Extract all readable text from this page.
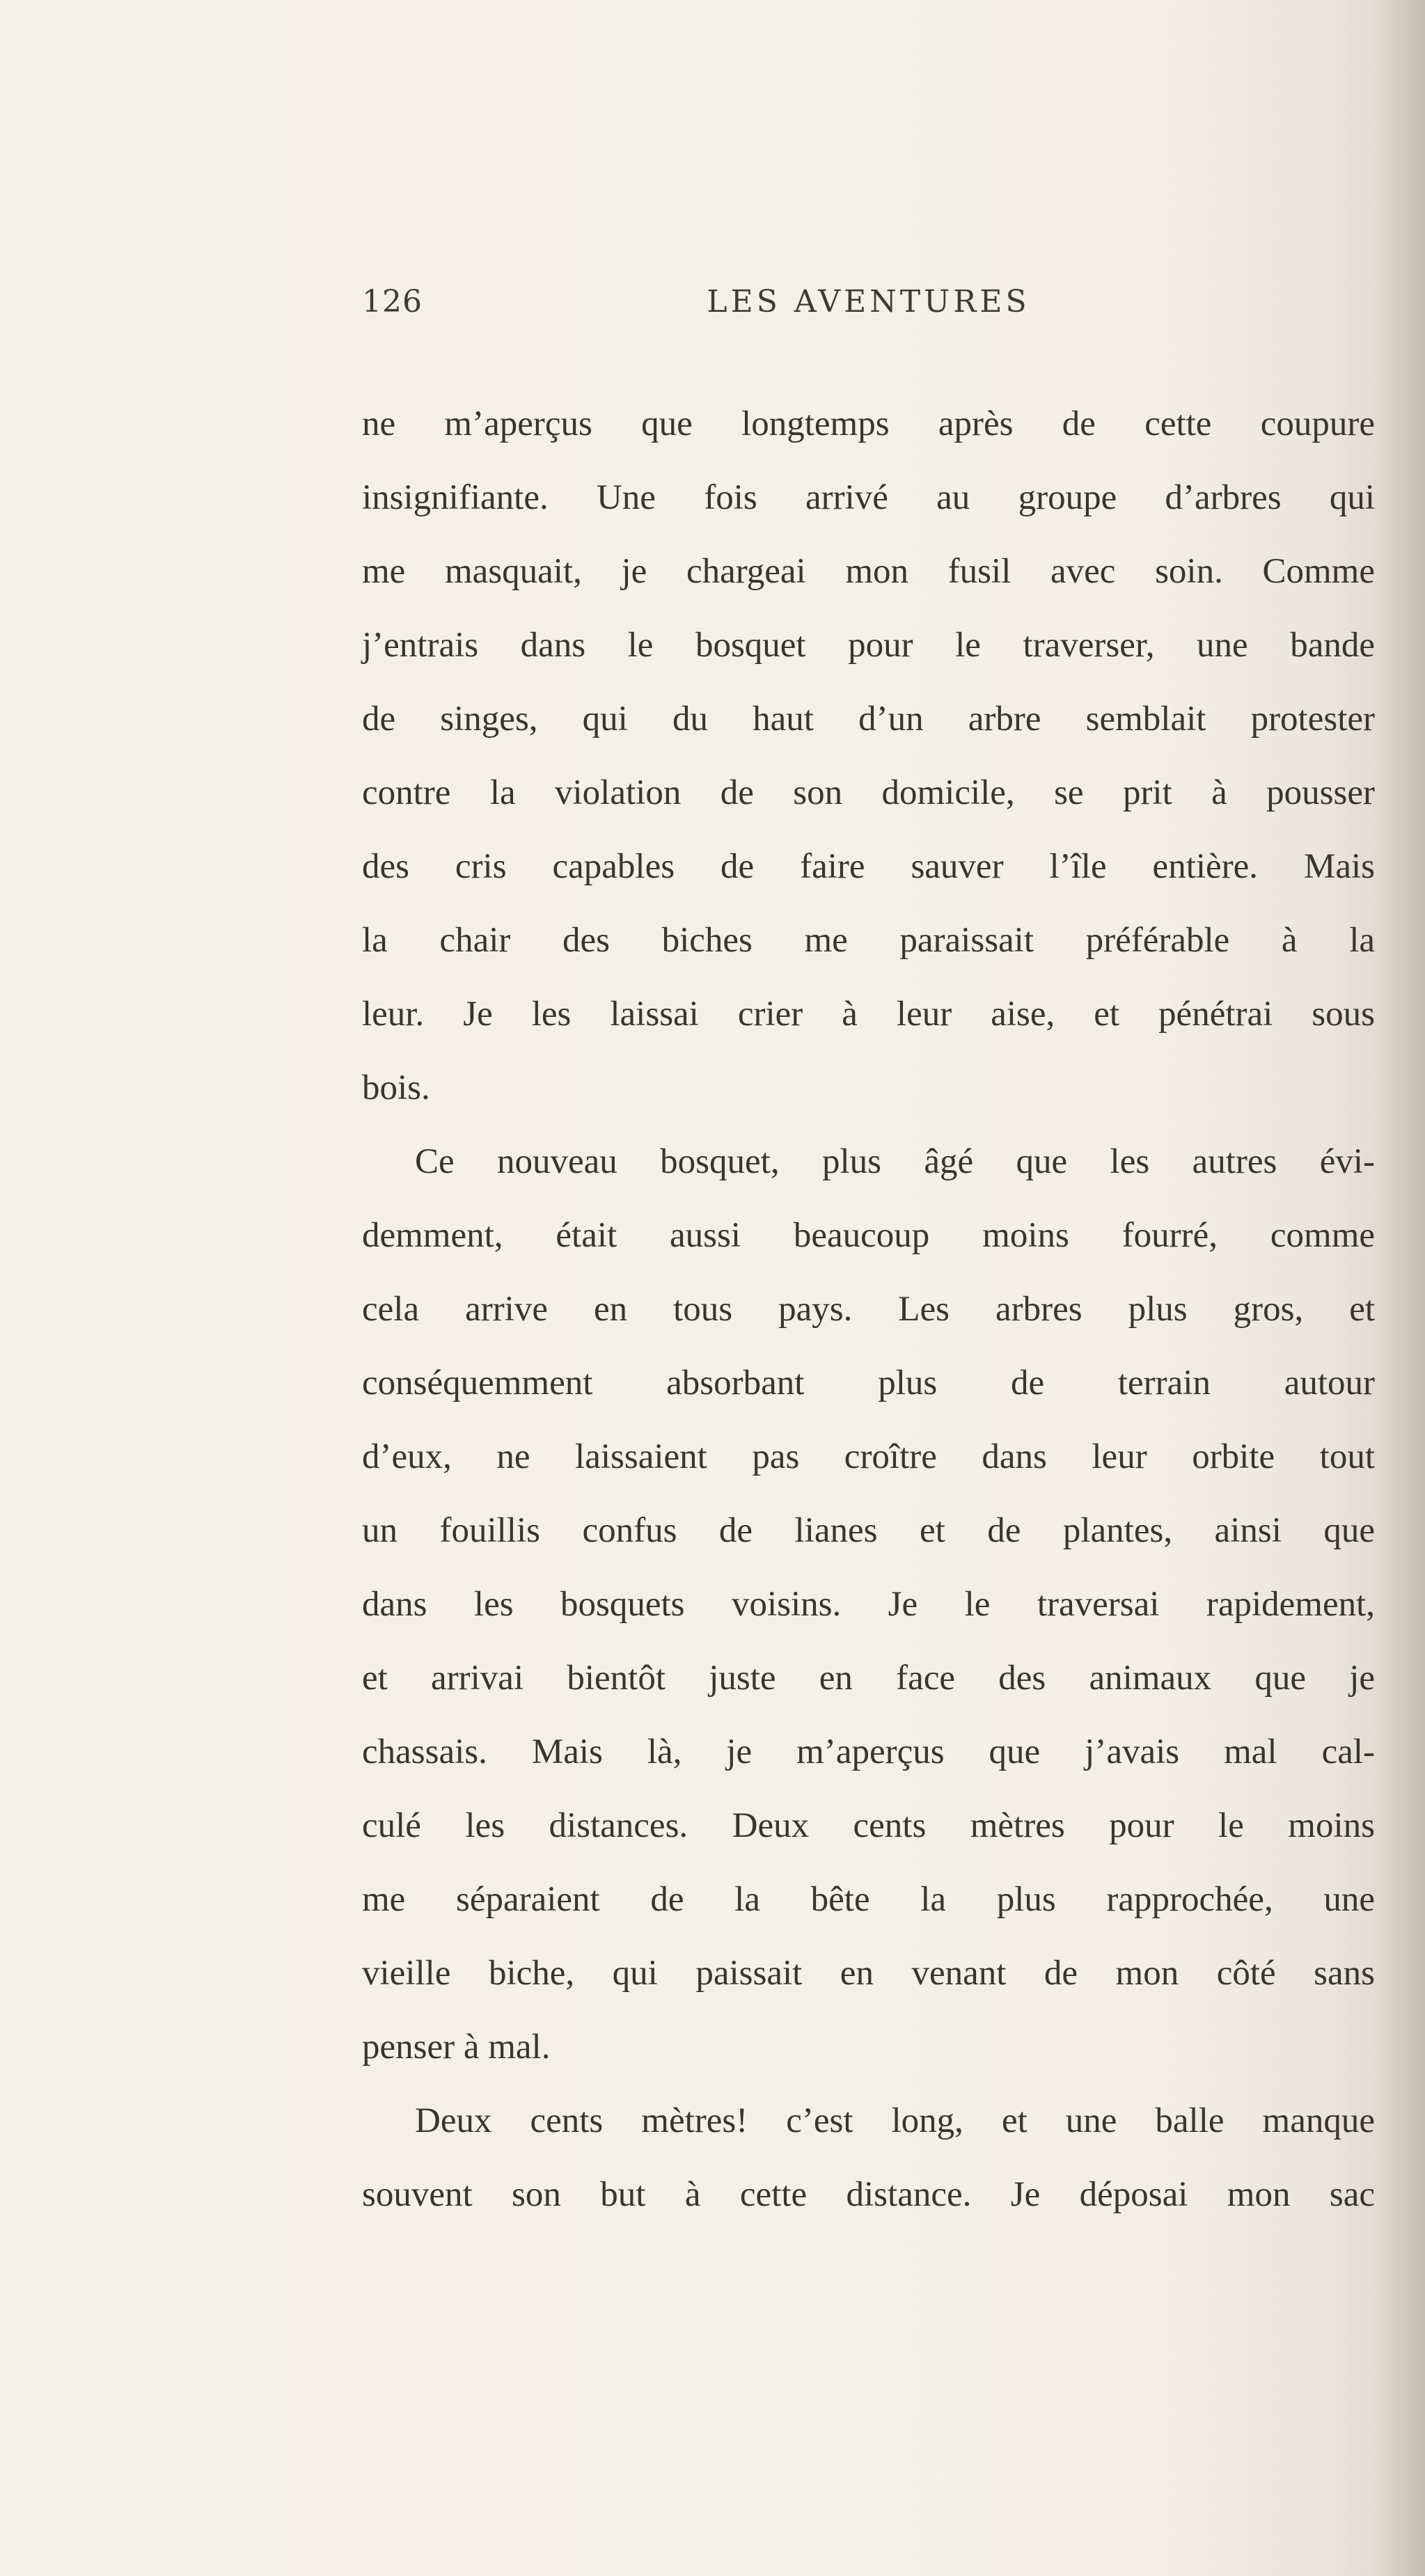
126	LES AVENTURES
ne m’aperçus que longtemps après de cette coupure
insignifiante. Une fois arrivé au groupe d’arbres qui
me masquait, je chargeai mon fusil avec soin. Comme
j’entrais dans le bosquet pour le traverser, une bande
de singes, qui du haut d’un arbre semblait protester
contre la violation de son domicile, se prit à pousser
des cris capables de faire sauver l’île entière. Mais
la chair des biches me paraissait préférable à la
leur. Je les laissai crier à leur aise, et pénétrai sous
bois.
Ce nouveau bosquet, plus âgé que les autres évi-
demment, était aussi beaucoup moins fourré, comme
cela arrive en tous pays. Les arbres plus gros, et
conséquemment absorbant plus de terrain autour
d’eux, ne laissaient pas croître dans leur orbite tout
un fouillis confus de lianes et de plantes, ainsi que
dans les bosquets voisins. Je le traversai rapidement,
et arrivai bientôt juste en face des animaux que je
chassais. Mais là, je m’aperçus que j’avais mal cal-
culé les distances. Deux cents mètres pour le moins
me séparaient de la bête la plus rapprochée, une
vieille biche, qui paissait en venant de mon côté sans
penser à mal.
Deux cents mètres! c’est long, et une balle manque
souvent son but à cette distance. Je déposai mon sac
